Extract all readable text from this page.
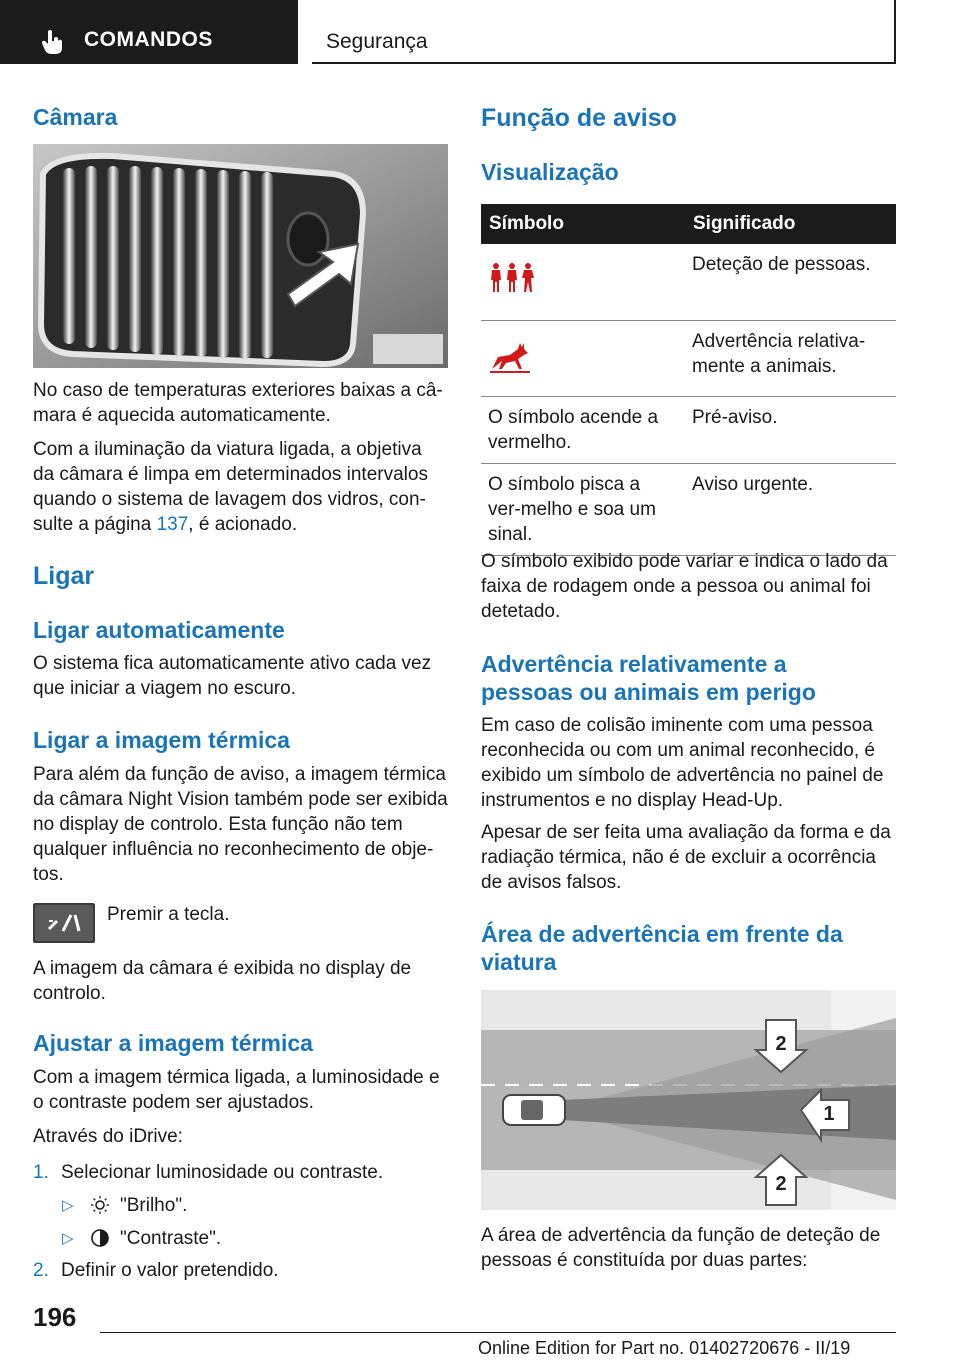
COMANDOS	Segurança
Câmara

No caso de temperaturas exteriores baixas a câ-mara é aquecida automaticamente.

Com a iluminação da viatura ligada, a objetiva da câmara é limpa em determinados intervalos quando o sistema de lavagem dos vidros, con-sulte a página 137, é acionado.

Ligar
Ligar automaticamente

O sistema fica automaticamente ativo cada vez que iniciar a viagem no escuro.

Ligar a imagem térmica

Para além da função de aviso, a imagem térmica da câmara Night Vision também pode ser exibida no display de controlo. Esta função não tem qualquer influência no reconhecimento de obje-tos.

Premir a tecla.

A imagem da câmara é exibida no display de controlo.

Ajustar a imagem térmica

Com a imagem térmica ligada, a luminosidade e o contraste podem ser ajustados.

Através do iDrive:

1. Selecionar luminosidade ou contraste.

▷ "Brilho".

▷ "Contraste".

2. Definir o valor pretendido.

Função de aviso
Visualização
Símbolo	Significado
	Deteção de pessoas.
	Advertência relativa-mente a animais.
O símbolo acende a vermelho.	Pré-aviso.
O símbolo pisca a ver-melho e soa um sinal.	Aviso urgente.

O símbolo exibido pode variar e indica o lado da faixa de rodagem onde a pessoa ou animal foi detetado.

Advertência relativamente a pessoas ou animais em perigo

Em caso de colisão iminente com uma pessoa reconhecida ou com um animal reconhecido, é exibido um símbolo de advertência no painel de instrumentos e no display Head-Up.

Apesar de ser feita uma avaliação da forma e da radiação térmica, não é de excluir a ocorrência de avisos falsos.

Área de advertência em frente da viatura
2
1
2

A área de advertência da função de deteção de pessoas é constituída por duas partes:

196
Online Edition for Part no. 01402720676 - II/19
